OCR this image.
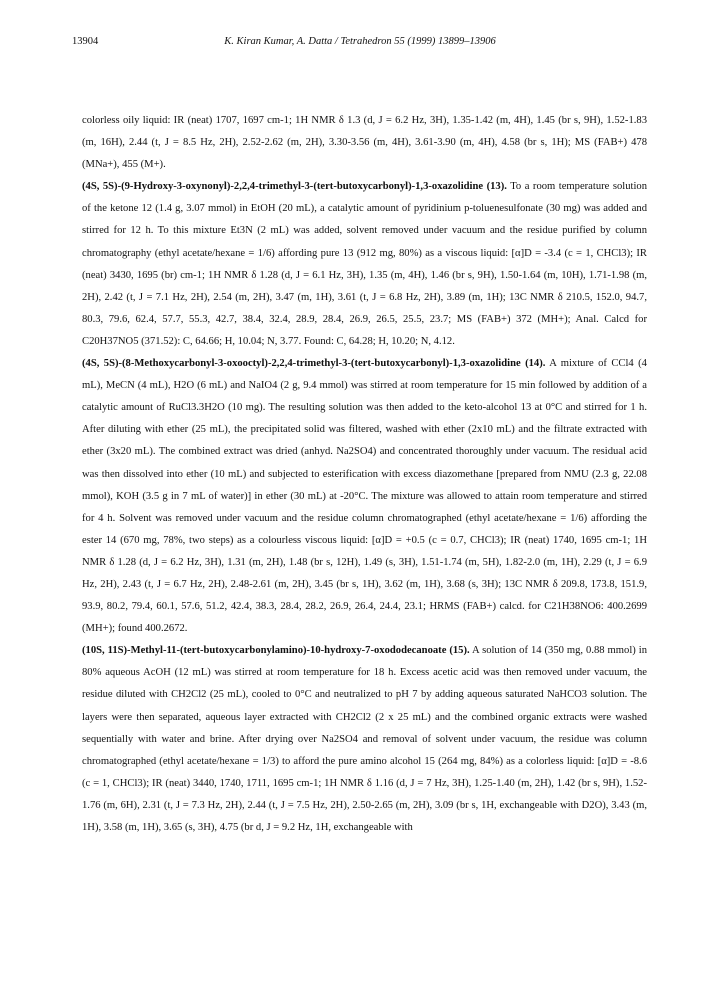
13904	K. Kiran Kumar, A. Datta / Tetrahedron 55 (1999) 13899–13906

colorless oily liquid: IR (neat) 1707, 1697 cm-1; 1H NMR δ 1.3 (d, J = 6.2 Hz, 3H), 1.35-1.42 (m, 4H), 1.45 (br s, 9H), 1.52-1.83 (m, 16H), 2.44 (t, J = 8.5 Hz, 2H), 2.52-2.62 (m, 2H), 3.30-3.56 (m, 4H), 3.61-3.90 (m, 4H), 4.58 (br s, 1H); MS (FAB+) 478 (MNa+), 455 (M+).

(4S, 5S)-(9-Hydroxy-3-oxynonyl)-2,2,4-trimethyl-3-(tert-butoxycarbonyl)-1,3-oxazolidine (13). To a room temperature solution of the ketone 12 (1.4 g, 3.07 mmol) in EtOH (20 mL), a catalytic amount of pyridinium p-toluenesulfonate (30 mg) was added and stirred for 12 h. To this mixture Et3N (2 mL) was added, solvent removed under vacuum and the residue purified by column chromatography (ethyl acetate/hexane = 1/6) affording pure 13 (912 mg, 80%) as a viscous liquid: [α]D = -3.4 (c = 1, CHCl3); IR (neat) 3430, 1695 (br) cm-1; 1H NMR δ 1.28 (d, J = 6.1 Hz, 3H), 1.35 (m, 4H), 1.46 (br s, 9H), 1.50-1.64 (m, 10H), 1.71-1.98 (m, 2H), 2.42 (t, J = 7.1 Hz, 2H), 2.54 (m, 2H), 3.47 (m, 1H), 3.61 (t, J = 6.8 Hz, 2H), 3.89 (m, 1H); 13C NMR δ 210.5, 152.0, 94.7, 80.3, 79.6, 62.4, 57.7, 55.3, 42.7, 38.4, 32.4, 28.9, 28.4, 26.9, 26.5, 25.5, 23.7; MS (FAB+) 372 (MH+); Anal. Calcd for C20H37NO5 (371.52): C, 64.66; H, 10.04; N, 3.77. Found: C, 64.28; H, 10.20; N, 4.12.

(4S, 5S)-(8-Methoxycarbonyl-3-oxooctyl)-2,2,4-trimethyl-3-(tert-butoxycarbonyl)-1,3-oxazolidine (14). A mixture of CCl4 (4 mL), MeCN (4 mL), H2O (6 mL) and NaIO4 (2 g, 9.4 mmol) was stirred at room temperature for 15 min followed by addition of a catalytic amount of RuCl3.3H2O (10 mg). The resulting solution was then added to the keto-alcohol 13 at 0°C and stirred for 1 h. After diluting with ether (25 mL), the precipitated solid was filtered, washed with ether (2x10 mL) and the filtrate extracted with ether (3x20 mL). The combined extract was dried (anhyd. Na2SO4) and concentrated thoroughly under vacuum. The residual acid was then dissolved into ether (10 mL) and subjected to esterification with excess diazomethane [prepared from NMU (2.3 g, 22.08 mmol), KOH (3.5 g in 7 mL of water)] in ether (30 mL) at -20°C. The mixture was allowed to attain room temperature and stirred for 4 h. Solvent was removed under vacuum and the residue column chromatographed (ethyl acetate/hexane = 1/6) affording the ester 14 (670 mg, 78%, two steps) as a colourless viscous liquid: [α]D = +0.5 (c = 0.7, CHCl3); IR (neat) 1740, 1695 cm-1; 1H NMR δ 1.28 (d, J = 6.2 Hz, 3H), 1.31 (m, 2H), 1.48 (br s, 12H), 1.49 (s, 3H), 1.51-1.74 (m, 5H), 1.82-2.0 (m, 1H), 2.29 (t, J = 6.9 Hz, 2H), 2.43 (t, J = 6.7 Hz, 2H), 2.48-2.61 (m, 2H), 3.45 (br s, 1H), 3.62 (m, 1H), 3.68 (s, 3H); 13C NMR δ 209.8, 173.8, 151.9, 93.9, 80.2, 79.4, 60.1, 57.6, 51.2, 42.4, 38.3, 28.4, 28.2, 26.9, 26.4, 24.4, 23.1; HRMS (FAB+) calcd. for C21H38NO6: 400.2699 (MH+); found 400.2672.

(10S, 11S)-Methyl-11-(tert-butoxycarbonylamino)-10-hydroxy-7-oxododecanoate (15). A solution of 14 (350 mg, 0.88 mmol) in 80% aqueous AcOH (12 mL) was stirred at room temperature for 18 h. Excess acetic acid was then removed under vacuum, the residue diluted with CH2Cl2 (25 mL), cooled to 0°C and neutralized to pH 7 by adding aqueous saturated NaHCO3 solution. The layers were then separated, aqueous layer extracted with CH2Cl2 (2 x 25 mL) and the combined organic extracts were washed sequentially with water and brine. After drying over Na2SO4 and removal of solvent under vacuum, the residue was column chromatographed (ethyl acetate/hexane = 1/3) to afford the pure amino alcohol 15 (264 mg, 84%) as a colorless liquid: [α]D = -8.6 (c = 1, CHCl3); IR (neat) 3440, 1740, 1711, 1695 cm-1; 1H NMR δ 1.16 (d, J = 7 Hz, 3H), 1.25-1.40 (m, 2H), 1.42 (br s, 9H), 1.52-1.76 (m, 6H), 2.31 (t, J = 7.3 Hz, 2H), 2.44 (t, J = 7.5 Hz, 2H), 2.50-2.65 (m, 2H), 3.09 (br s, 1H, exchangeable with D2O), 3.43 (m, 1H), 3.58 (m, 1H), 3.65 (s, 3H), 4.75 (br d, J = 9.2 Hz, 1H, exchangeable with
